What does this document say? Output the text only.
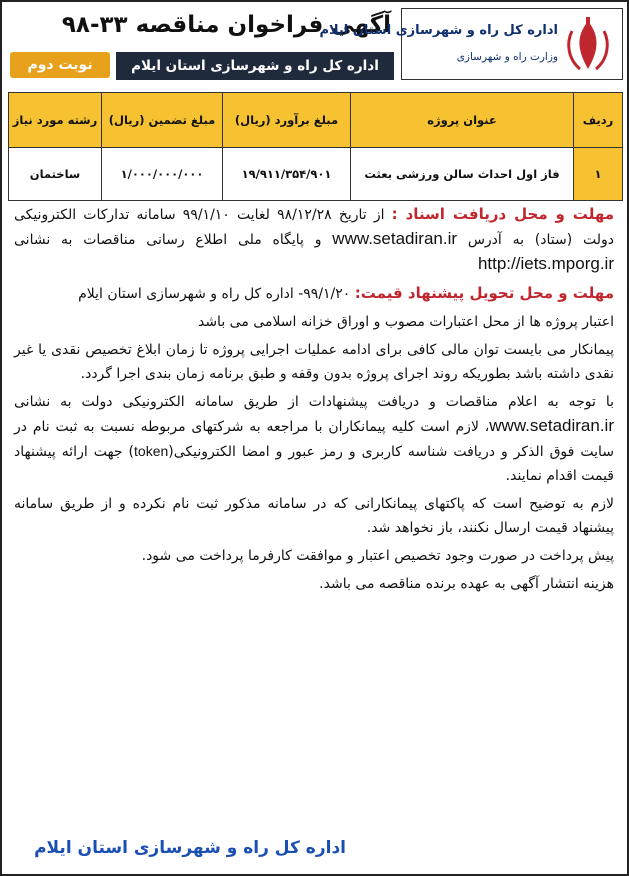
آگهی فراخوان مناقصه ۳۳-۹۸
نوبت دوم	اداره کل راه و شهرسازی استان ایلام
اداره کل راه و شهرسازی استان ایلام
وزارت راه و شهرسازی
ردیف	عنوان پروژه	مبلغ برآورد (ریال)	مبلغ تضمین (ریال)	رشته مورد نیاز
۱	فاز اول احداث سالن ورزشی بعثت	۱۹/۹۱۱/۳۵۴/۹۰۱	۱/۰۰۰/۰۰۰/۰۰۰	ساختمان

مهلت و محل دریافت اسناد : از تاریخ ۹۸/۱۲/۲۸ لغایت ۹۹/۱/۱۰ سامانه تدارکات الکترونیکی دولت (ستاد) به آدرس www.setadiran.ir و پایگاه ملی اطلاع رسانی مناقصات به نشانی http://iets.mporg.ir

مهلت و محل تحویل پیشنهاد قیمت: ۹۹/۱/۲۰- اداره کل راه و شهرسازی استان ایلام

اعتبار پروژه ها از محل اعتبارات مصوب و اوراق خزانه اسلامی می باشد

پیمانکار می بایست توان مالی کافی برای ادامه عملیات اجرایی پروژه تا زمان ابلاغ تخصیص نقدی یا غیر نقدی داشته باشد بطوریکه روند اجرای پروژه بدون وقفه و طبق برنامه زمان بندی اجرا گردد.

با توجه به اعلام مناقصات و دریافت پیشنهادات از طریق سامانه الکترونیکی دولت به نشانی www.setadiran.ir، لازم است کلیه پیمانکاران با مراجعه به شرکتهای مربوطه نسبت به ثبت نام در سایت فوق الذکر و دریافت شناسه کاربری و رمز عبور و امضا الکترونیکی(token) جهت ارائه پیشنهاد قیمت اقدام نمایند.

لازم به توضیح است که پاکتهای پیمانکارانی که در سامانه مذکور ثبت نام نکرده و از طریق سامانه پیشنهاد قیمت ارسال نکنند، باز نخواهد شد.

پیش پرداخت در صورت وجود تخصیص اعتبار و موافقت کارفرما پرداخت می شود.

هزینه انتشار آگهی به عهده برنده مناقصه می باشد.

اداره کل راه و شهرسازی استان ایلام
